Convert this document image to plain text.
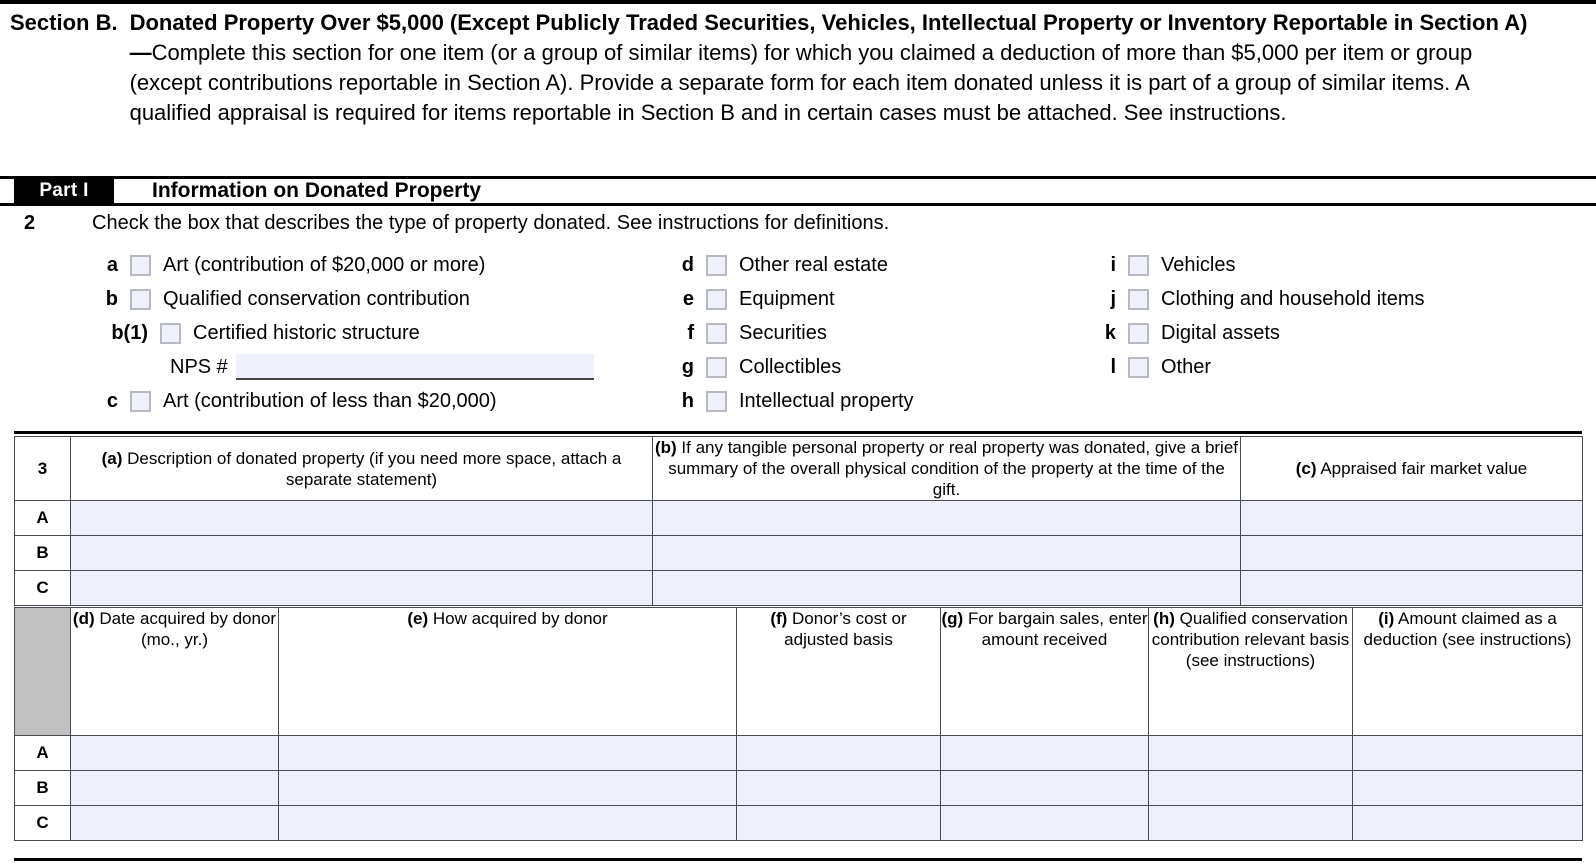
Section B. Donated Property Over $5,000 (Except Publicly Traded Securities, Vehicles, Intellectual Property or Inventory Reportable in Section A)—Complete this section for one item (or a group of similar items) for which you claimed a deduction of more than $5,000 per item or group (except contributions reportable in Section A). Provide a separate form for each item donated unless it is part of a group of similar items. A qualified appraisal is required for items reportable in Section B and in certain cases must be attached. See instructions.
Part I	Information on Donated Property
2	Check the box that describes the type of property donated. See instructions for definitions.
a Art (contribution of $20,000 or more)
b Qualified conservation contribution
b(1) Certified historic structure
NPS #
c Art (contribution of less than $20,000)
d Other real estate
e Equipment
f Securities
g Collectibles
h Intellectual property
i Vehicles
j Clothing and household items
k Digital assets
l Other
3	(a) Description of donated property (if you need more space, attach a separate statement)	(b) If any tangible personal property or real property was donated, give a brief summary of the overall physical condition of the property at the time of the gift.	(c) Appraised fair market value
A			
B			
C			
	(d) Date acquired by donor (mo., yr.)	(e) How acquired by donor	(f) Donor’s cost or adjusted basis	(g) For bargain sales, enter amount received	(h) Qualified conservation contribution relevant basis (see instructions)	(i) Amount claimed as a deduction (see instructions)
A						
B						
C						
